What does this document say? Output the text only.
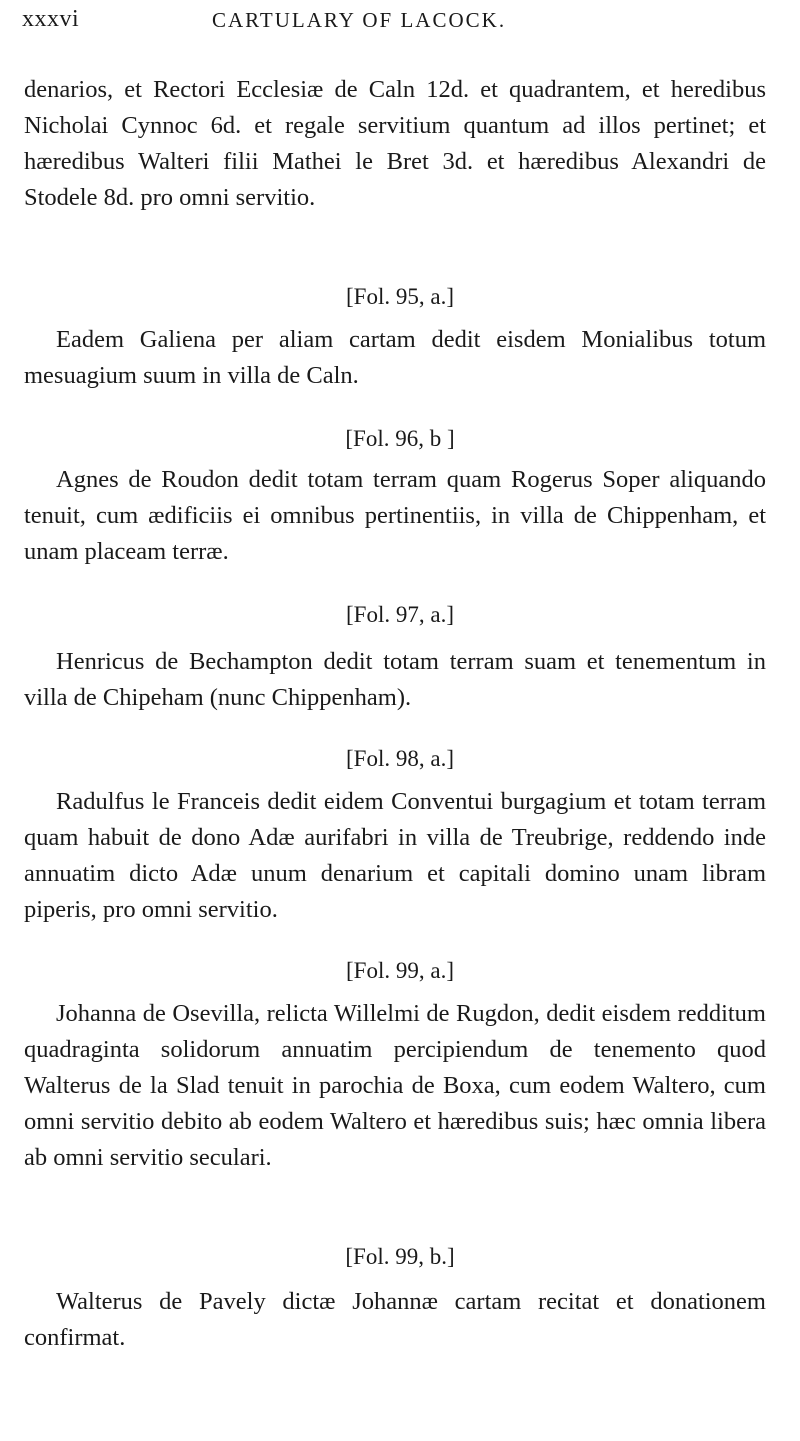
xxxvi	CARTULARY OF LACOCK.

denarios, et Rectori Ecclesiæ de Caln 12d. et quadrantem, et heredibus Nicholai Cynnoc 6d. et regale servitium quantum ad illos pertinet; et hæredibus Walteri filii Mathei le Bret 3d. et hæredibus Alexandri de Stodele 8d. pro omni servitio.

[Fol. 95, a.]

Eadem Galiena per aliam cartam dedit eisdem Monialibus totum mesuagium suum in villa de Caln.

[Fol. 96, b ]

Agnes de Roudon dedit totam terram quam Rogerus Soper aliquando tenuit, cum ædificiis ei omnibus pertinentiis, in villa de Chippenham, et unam placeam terræ.

[Fol. 97, a.]

Henricus de Bechampton dedit totam terram suam et tenementum in villa de Chipeham (nunc Chippenham).

[Fol. 98, a.]

Radulfus le Franceis dedit eidem Conventui burgagium et totam terram quam habuit de dono Adæ aurifabri in villa de Treubrige, reddendo inde annuatim dicto Adæ unum denarium et capitali domino unam libram piperis, pro omni servitio.

[Fol. 99, a.]

Johanna de Osevilla, relicta Willelmi de Rugdon, dedit eisdem redditum quadraginta solidorum annuatim percipiendum de tenemento quod Walterus de la Slad tenuit in parochia de Boxa, cum eodem Waltero, cum omni servitio debito ab eodem Waltero et hæredibus suis; hæc omnia libera ab omni servitio seculari.

[Fol. 99, b.]

Walterus de Pavely dictæ Johannæ cartam recitat et donationem confirmat.
